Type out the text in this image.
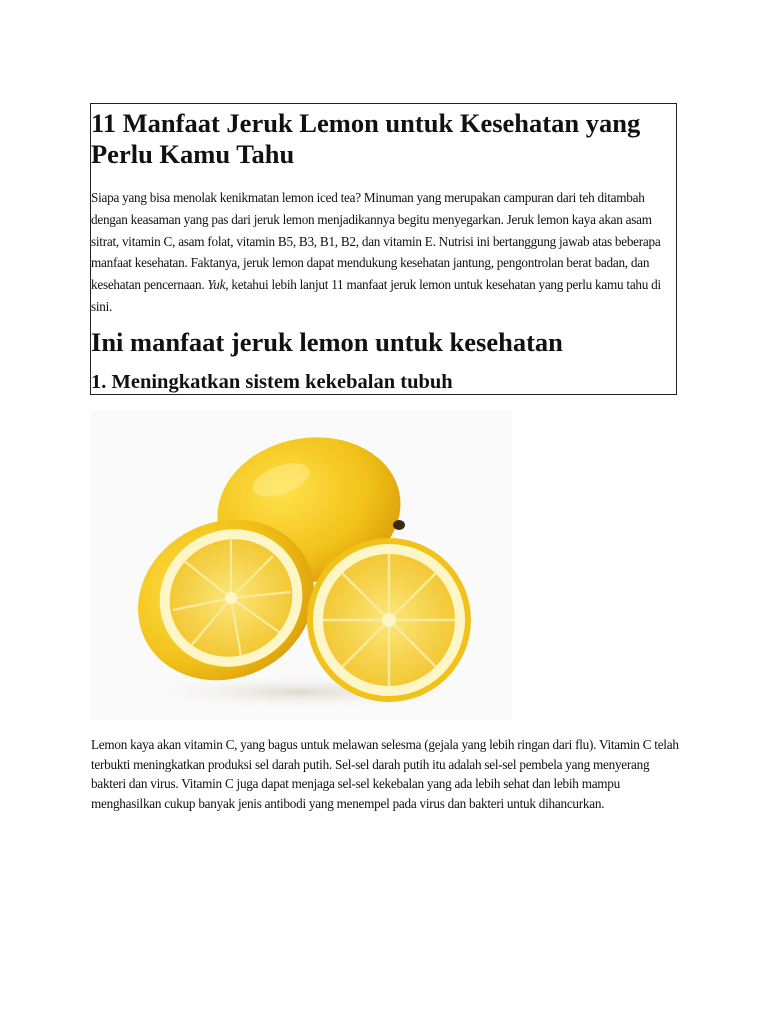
11 Manfaat Jeruk Lemon untuk Kesehatan yang Perlu Kamu Tahu

Siapa yang bisa menolak kenikmatan lemon iced tea? Minuman yang merupakan campuran dari teh ditambah dengan keasaman yang pas dari jeruk lemon menjadikannya begitu menyegarkan. Jeruk lemon kaya akan asam sitrat, vitamin C, asam folat, vitamin B5, B3, B1, B2, dan vitamin E. Nutrisi ini bertanggung jawab atas beberapa manfaat kesehatan. Faktanya, jeruk lemon dapat mendukung kesehatan jantung, pengontrolan berat badan, dan kesehatan pencernaan. Yuk, ketahui lebih lanjut 11 manfaat jeruk lemon untuk kesehatan yang perlu kamu tahu di sini.

Ini manfaat jeruk lemon untuk kesehatan
1. Meningkatkan sistem kekebalan tubuh

Lemon kaya akan vitamin C, yang bagus untuk melawan selesma (gejala yang lebih ringan dari flu). Vitamin C telah terbukti meningkatkan produksi sel darah putih. Sel-sel darah putih itu adalah sel-sel pembela yang menyerang bakteri dan virus. Vitamin C juga dapat menjaga sel-sel kekebalan yang ada lebih sehat dan lebih mampu menghasilkan cukup banyak jenis antibodi yang menempel pada virus dan bakteri untuk dihancurkan.
